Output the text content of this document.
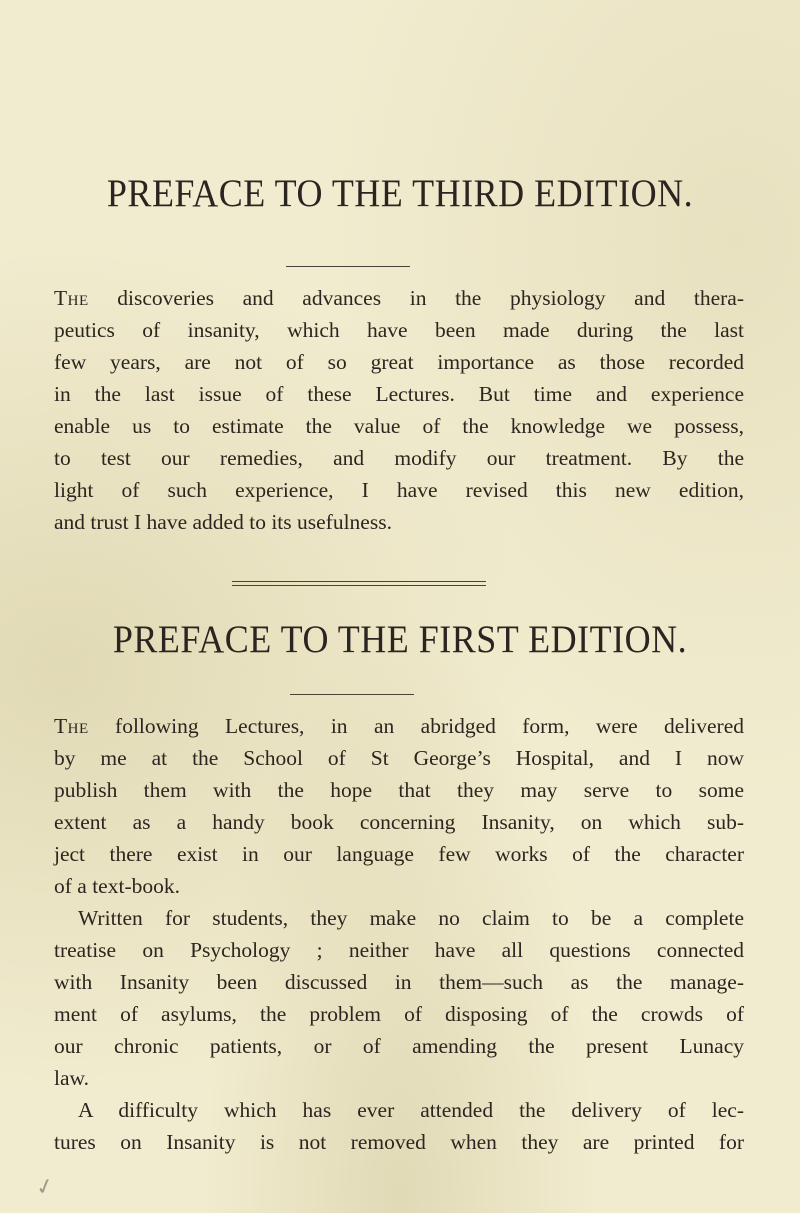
PREFACE TO THE THIRD EDITION.
The discoveries and advances in the physiology and thera-
peutics of insanity, which have been made during the last
few years, are not of so great importance as those recorded
in the last issue of these Lectures. But time and experience
enable us to estimate the value of the knowledge we possess,
to test our remedies, and modify our treatment. By the
light of such experience, I have revised this new edition,
and trust I have added to its usefulness.
PREFACE TO THE FIRST EDITION.
The following Lectures, in an abridged form, were delivered
by me at the School of St George’s Hospital, and I now
publish them with the hope that they may serve to some
extent as a handy book concerning Insanity, on which sub-
ject there exist in our language few works of the character
of a text-book.
Written for students, they make no claim to be a complete
treatise on Psychology ; neither have all questions connected
with Insanity been discussed in them—such as the manage-
ment of asylums, the problem of disposing of the crowds of
our chronic patients, or of amending the present Lunacy
law.
A difficulty which has ever attended the delivery of lec-
tures on Insanity is not removed when they are printed for
✓
